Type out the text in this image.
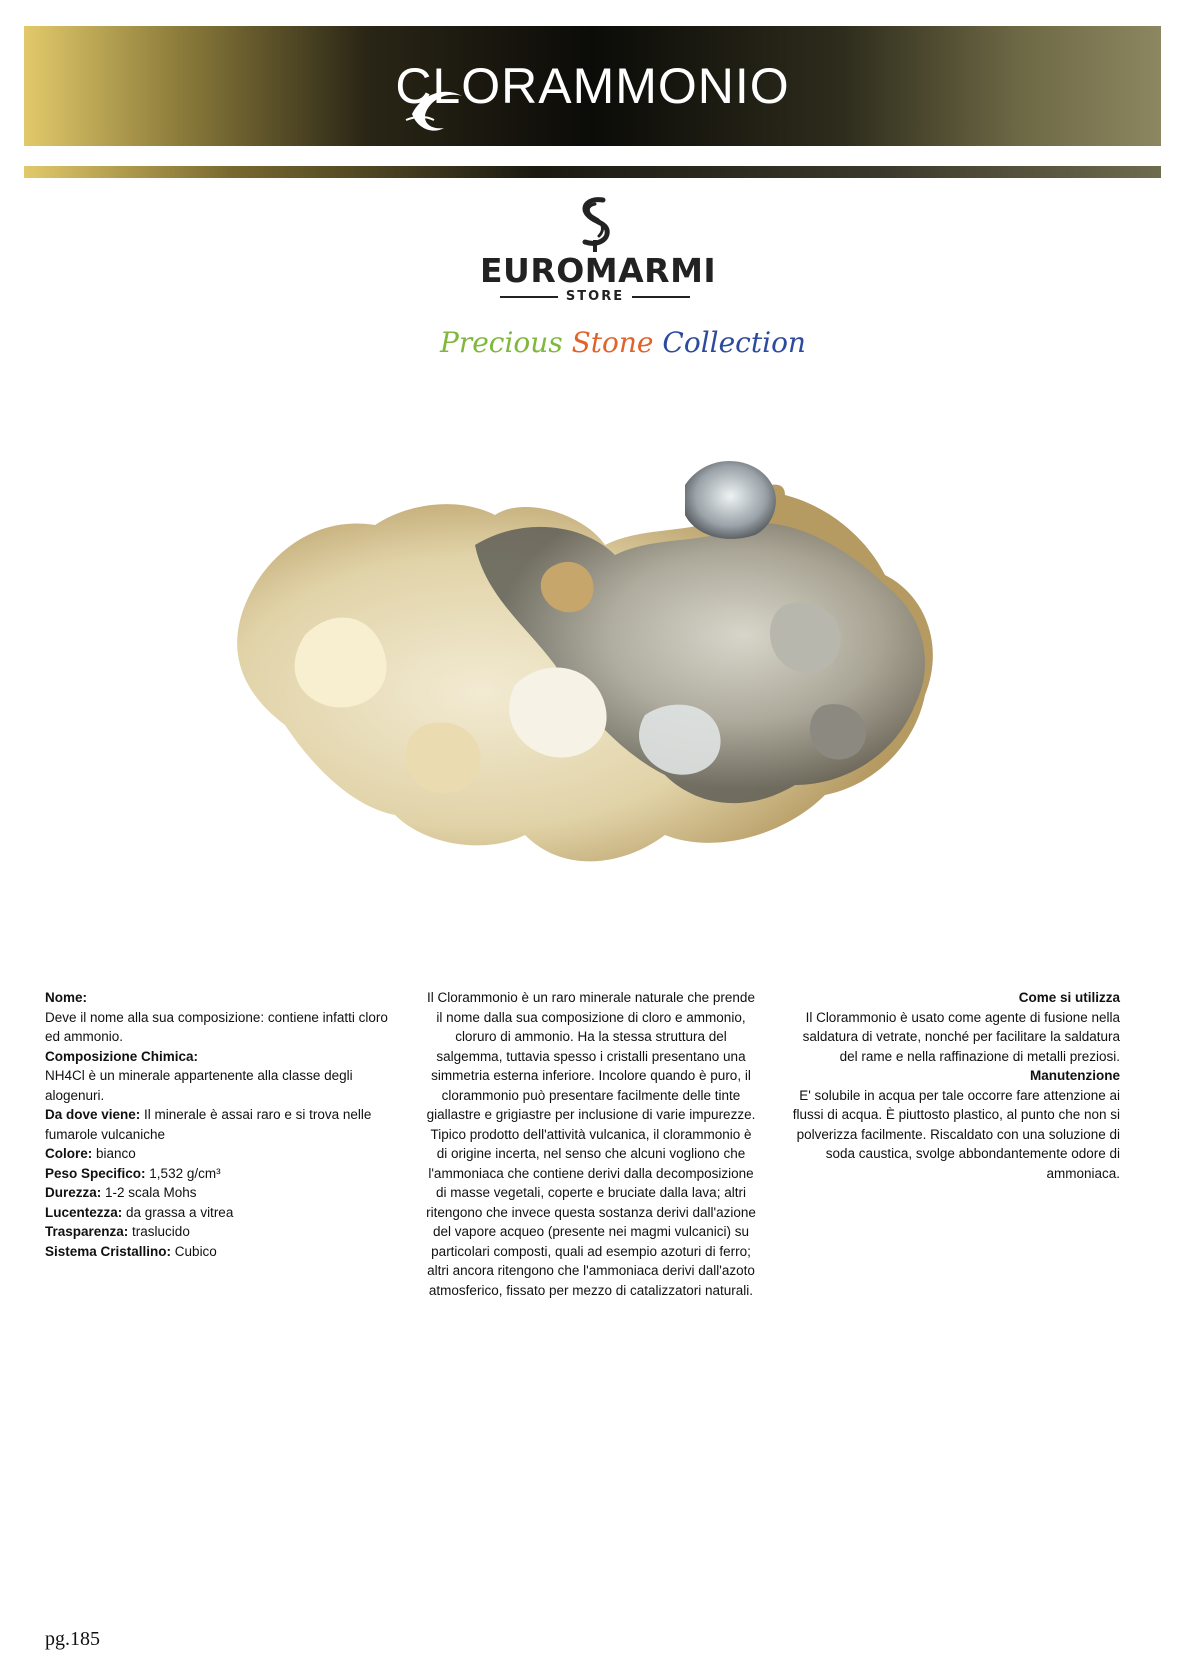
CLORAMMONIO
EUROMARMI
STORE
Precious Stone Collection

Nome:

Deve il nome alla sua composizione: contiene infatti cloro ed ammonio.

Composizione Chimica:

NH4Cl è un minerale appartenente alla classe degli alogenuri.

Da dove viene: Il minerale è assai raro e si trova nelle fumarole vulcaniche

Colore: bianco

Peso Specifico: 1,532 g/cm³

Durezza: 1-2 scala Mohs

Lucentezza: da grassa a vitrea

Trasparenza: traslucido

Sistema Cristallino: Cubico

Il Clorammonio è un raro minerale naturale che prende il nome dalla sua composizione di cloro e ammonio, cloruro di ammonio. Ha la stessa struttura del salgemma, tuttavia spesso i cristalli presentano una simmetria esterna inferiore. Incolore quando è puro, il clorammonio può presentare facilmente delle tinte giallastre e grigiastre per inclusione di varie impurezze. Tipico prodotto dell'attività vulcanica, il clorammonio è di origine incerta, nel senso che alcuni vogliono che l'ammoniaca che contiene derivi dalla decomposizione di masse vegetali, coperte e bruciate dalla lava; altri ritengono che invece questa sostanza derivi dall'azione del vapore acqueo (presente nei magmi vulcanici) su particolari composti, quali ad esempio azoturi di ferro; altri ancora ritengono che l'ammoniaca derivi dall'azoto atmosferico, fissato per mezzo di catalizzatori naturali.

Come si utilizza

Il Clorammonio è usato come agente di fusione nella saldatura di vetrate, nonché per facilitare la saldatura del rame e nella raffinazione di metalli preziosi.

Manutenzione

E' solubile in acqua per tale occorre fare attenzione ai flussi di acqua. È piuttosto plastico, al punto che non si polverizza facilmente. Riscaldato con una soluzione di soda caustica, svolge abbondantemente odore di ammoniaca.

pg.185
